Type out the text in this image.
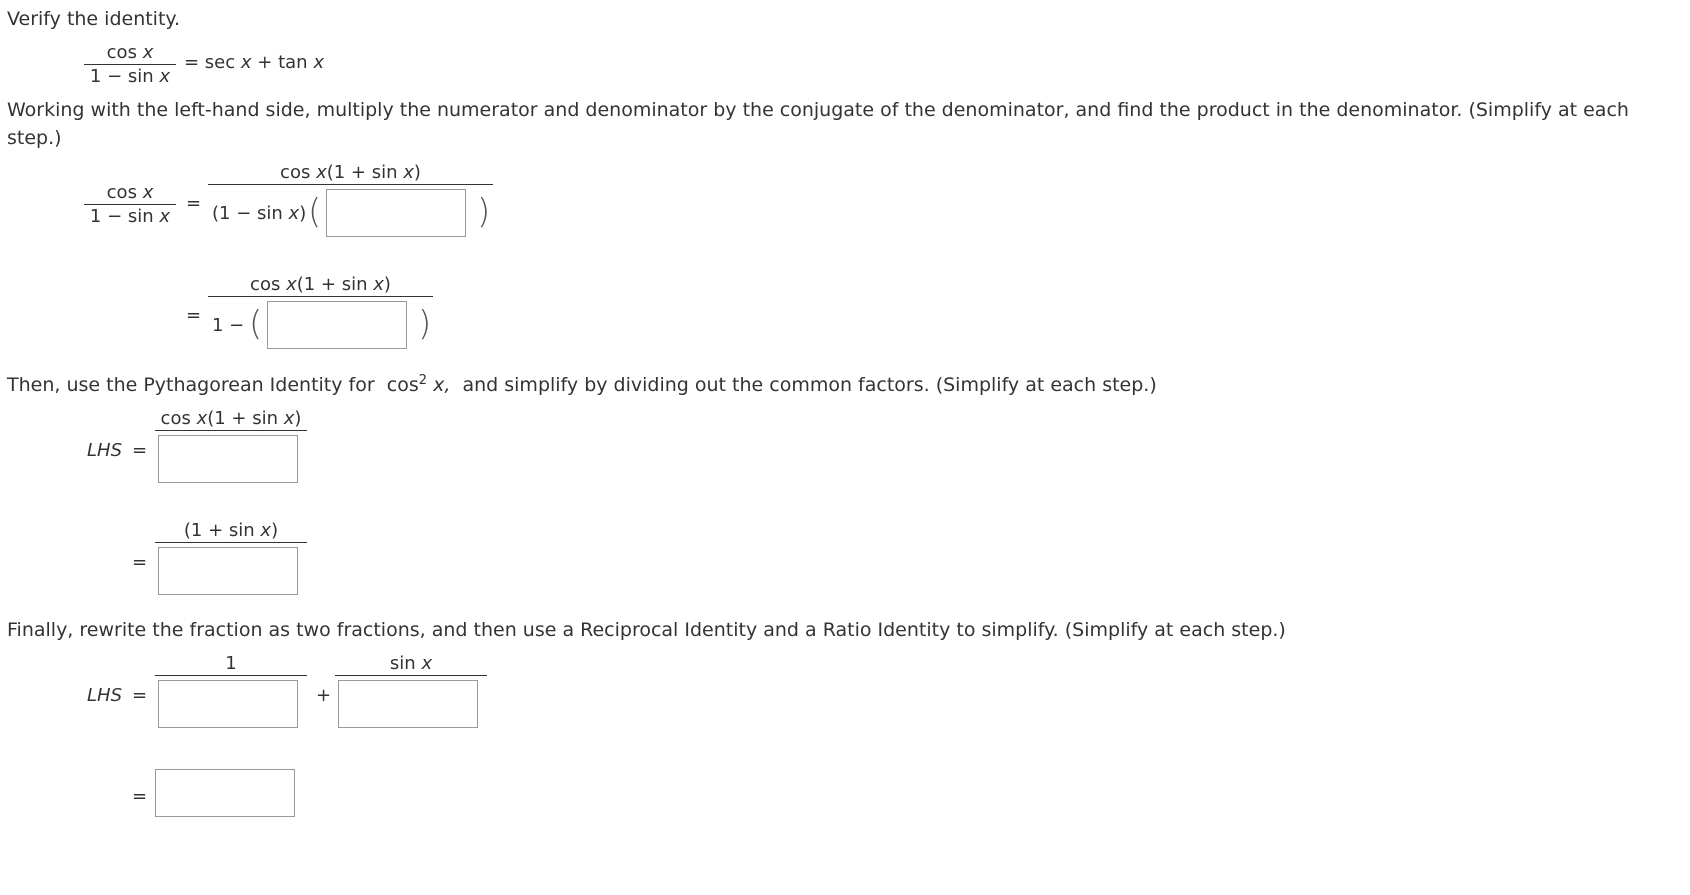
Verify the identity.
cos x
1 − sin x
= sec x + tan x
Working with the left-hand side, multiply the numerator and denominator by the conjugate of the denominator, and find the product in the denominator. (Simplify at each
step.)
cos x
1 − sin x
=
cos x(1 + sin x)
(1 − sin x) (	)
=
cos x(1 + sin x)
1 − (	)
Then, use the Pythagorean Identity for $\cos^2 x$, and simplify by dividing out the common factors. (Simplify at each step.)
LHS =
cos x(1 + sin x)
=
(1 + sin x)
Finally, rewrite the fraction as two fractions, and then use a Reciprocal Identity and a Ratio Identity to simplify. (Simplify at each step.)
LHS =
1
+
sin x
=
